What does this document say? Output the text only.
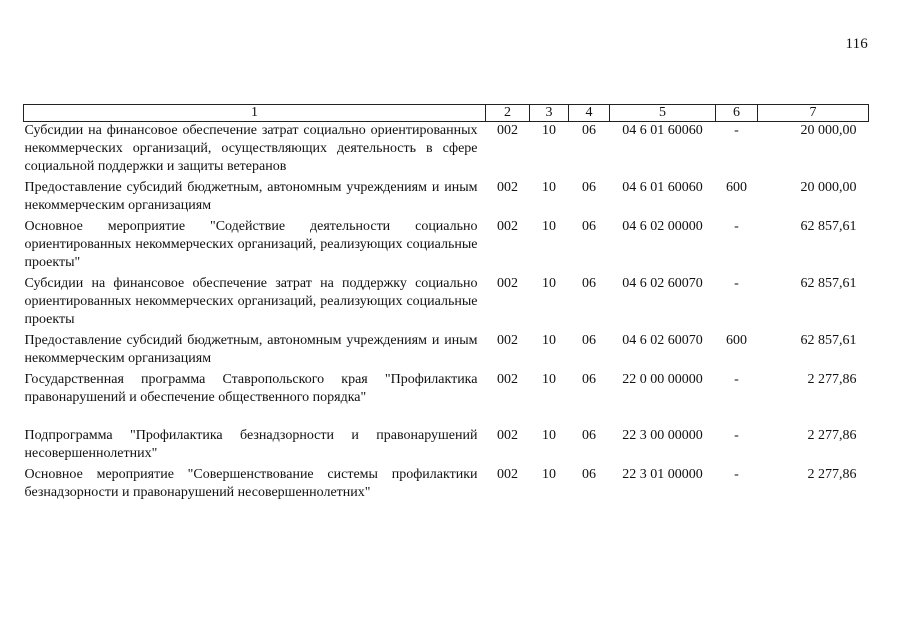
116
1	2	3	4	5	6	7
Субсидии на финансовое обеспечение затрат социально ориентированных некоммерческих организаций, осуществляющих деятельность в сфере социальной поддержки и защиты ветеранов	002	10	06	04 6 01 60060	-	20 000,00
Предоставление субсидий бюджетным, автономным учреждениям и иным некоммерческим организациям	002	10	06	04 6 01 60060	600	20 000,00
Основное мероприятие "Содействие деятельности социально ориентированных некоммерческих организаций, реализующих социальные проекты"	002	10	06	04 6 02 00000	-	62 857,61
Субсидии на финансовое обеспечение затрат на поддержку социально ориентированных некоммерческих организаций, реализующих социальные проекты	002	10	06	04 6 02 60070	-	62 857,61
Предоставление субсидий бюджетным, автономным учреждениям и иным некоммерческим организациям	002	10	06	04 6 02 60070	600	62 857,61
Государственная программа Ставропольского края "Профилактика правонарушений и обеспечение общественного порядка"	002	10	06	22 0 00 00000	-	2 277,86
Подпрограмма "Профилактика безнадзорности и правонарушений несовершеннолетних"	002	10	06	22 3 00 00000	-	2 277,86
Основное мероприятие "Совершенствование системы профилактики безнадзорности и правонарушений несовершеннолетних"	002	10	06	22 3 01 00000	-	2 277,86
